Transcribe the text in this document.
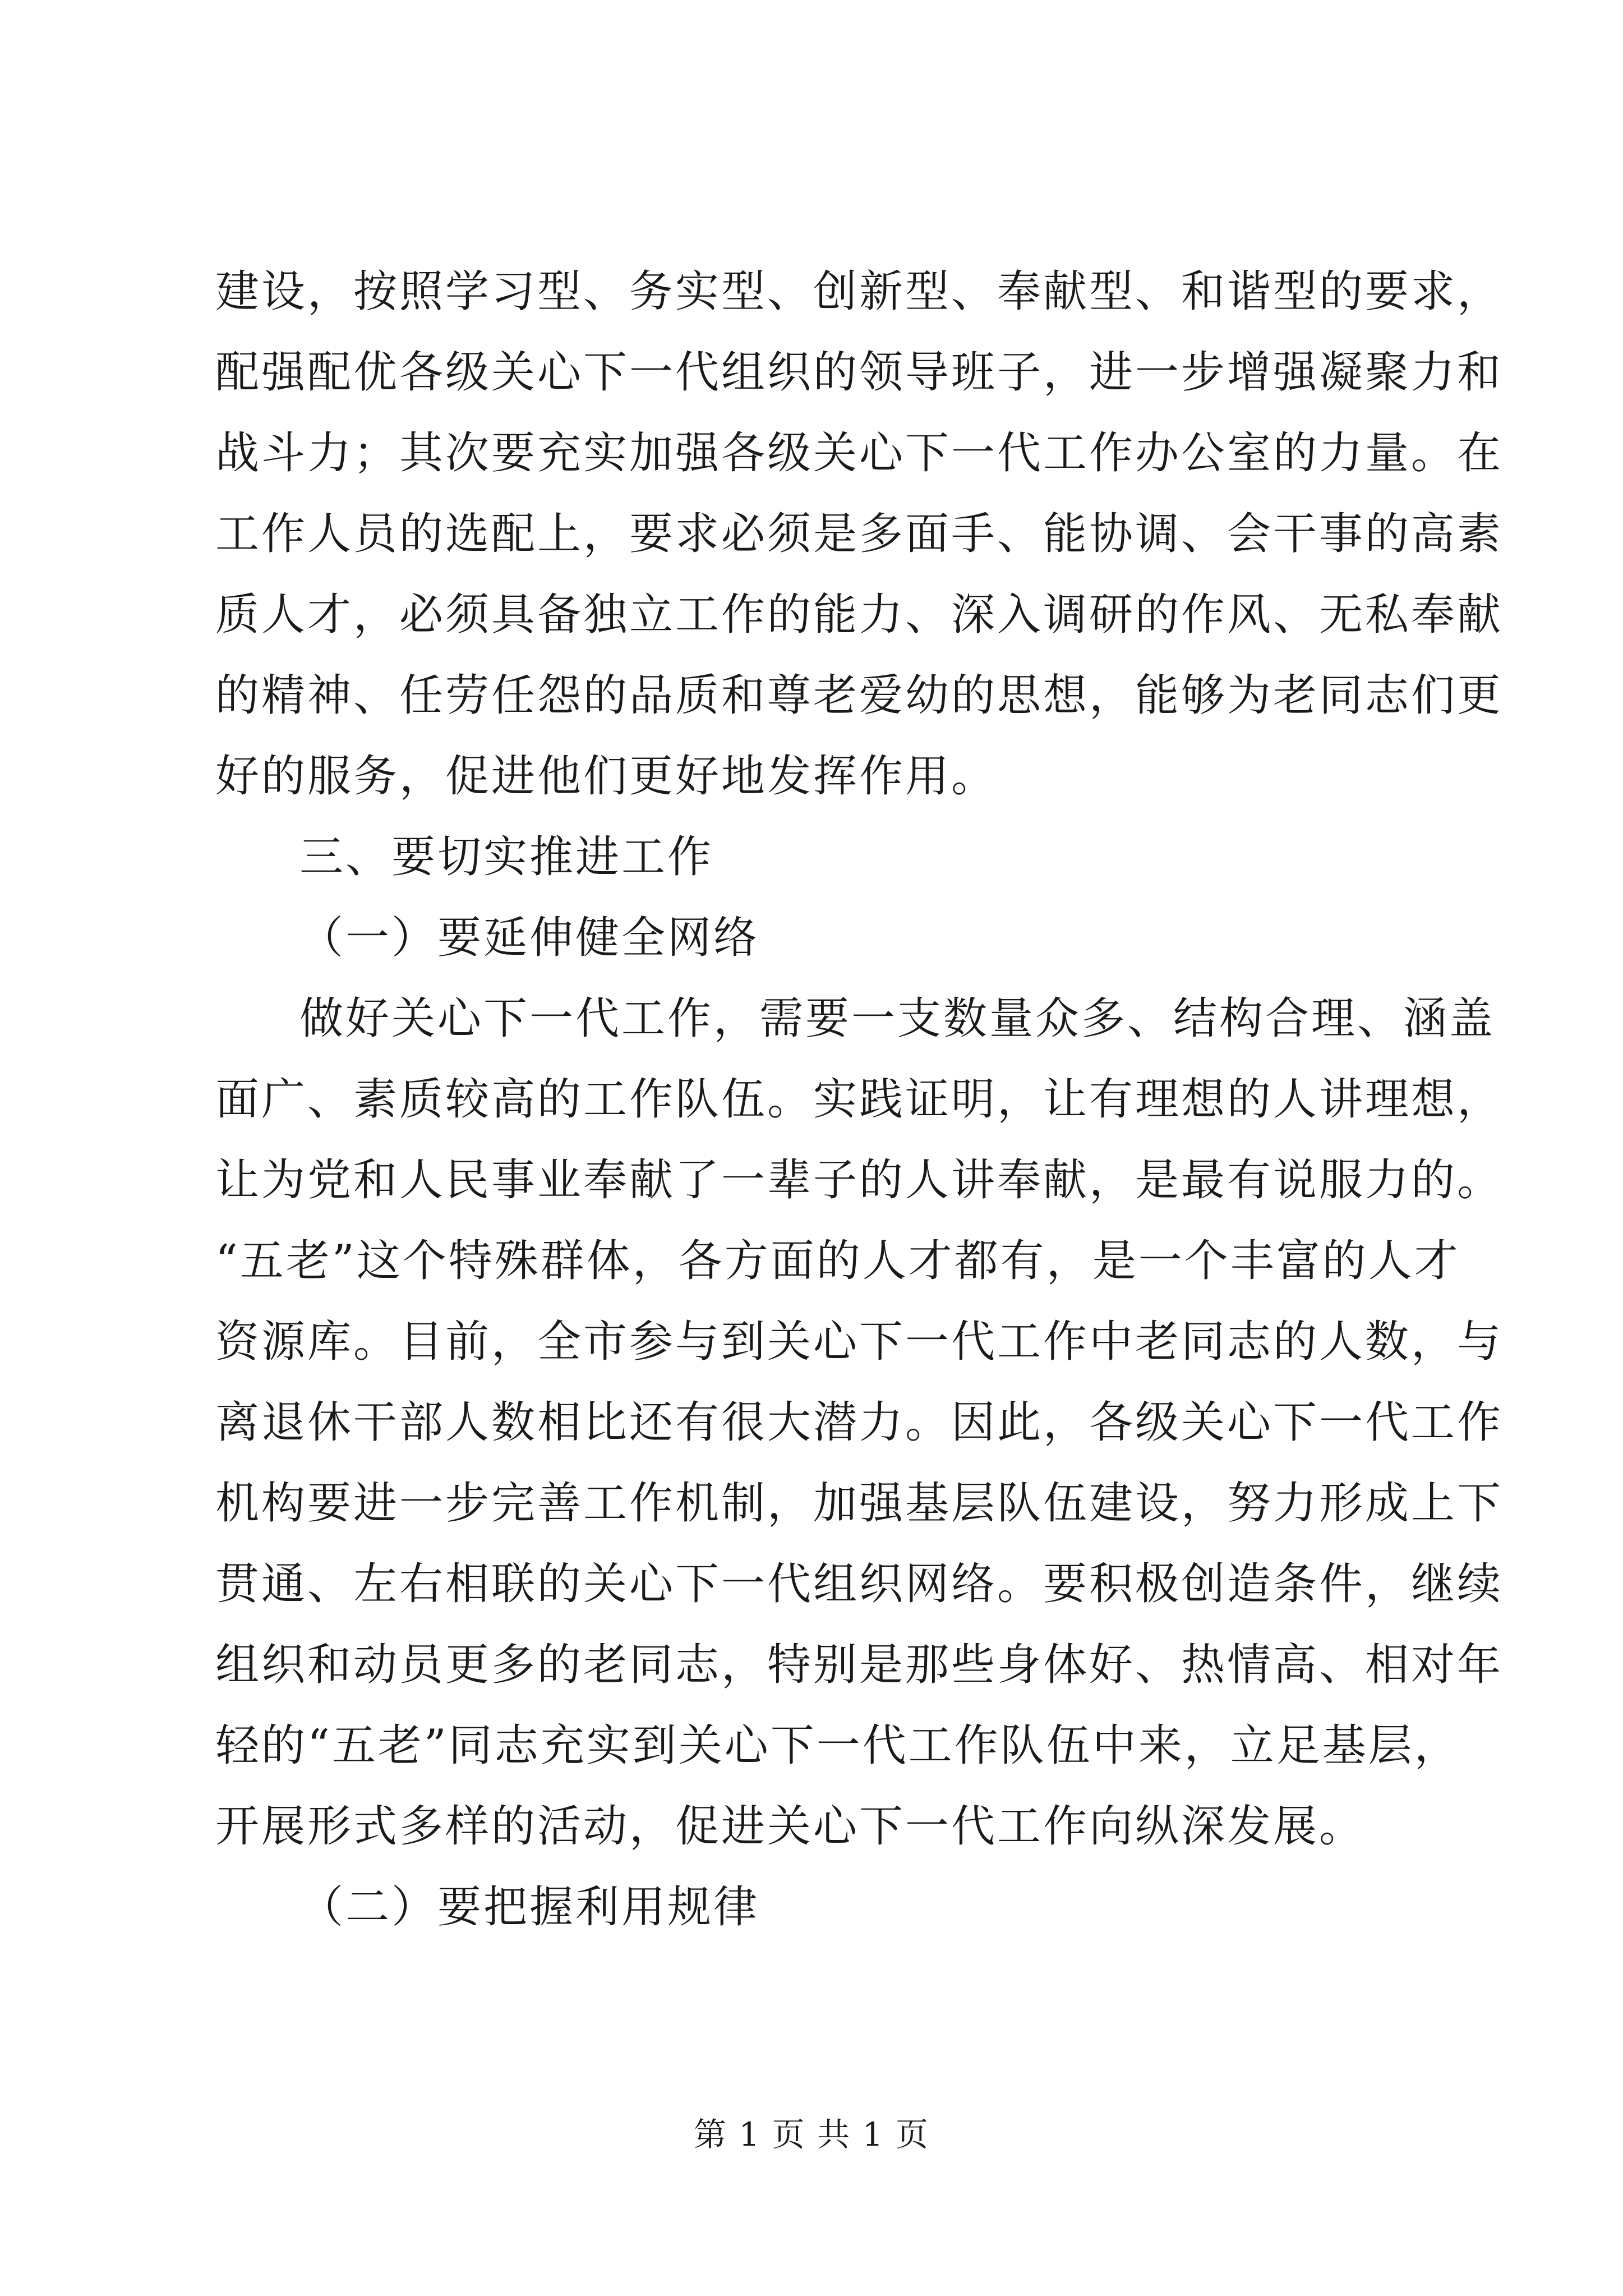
建设，按照学习型、务实型、创新型、奉献型、和谐型的要求，
配强配优各级关心下一代组织的领导班子，进一步增强凝聚力和
战斗力；其次要充实加强各级关心下一代工作办公室的力量。在
工作人员的选配上，要求必须是多面手、能协调、会干事的高素
质人才，必须具备独立工作的能力、深入调研的作风、无私奉献
的精神、任劳任怨的品质和尊老爱幼的思想，能够为老同志们更
好的服务，促进他们更好地发挥作用。
三、要切实推进工作
（一）要延伸健全网络
做好关心下一代工作，需要一支数量众多、结构合理、涵盖
面广、素质较高的工作队伍。实践证明，让有理想的人讲理想，
让为党和人民事业奉献了一辈子的人讲奉献，是最有说服力的。
“五老”这个特殊群体，各方面的人才都有，是一个丰富的人才
资源库。目前，全市参与到关心下一代工作中老同志的人数，与
离退休干部人数相比还有很大潜力。因此，各级关心下一代工作
机构要进一步完善工作机制，加强基层队伍建设，努力形成上下
贯通、左右相联的关心下一代组织网络。要积极创造条件，继续
组织和动员更多的老同志，特别是那些身体好、热情高、相对年
轻的“五老”同志充实到关心下一代工作队伍中来，立足基层，
开展形式多样的活动，促进关心下一代工作向纵深发展。
（二）要把握利用规律
第 1 页 共 1 页
